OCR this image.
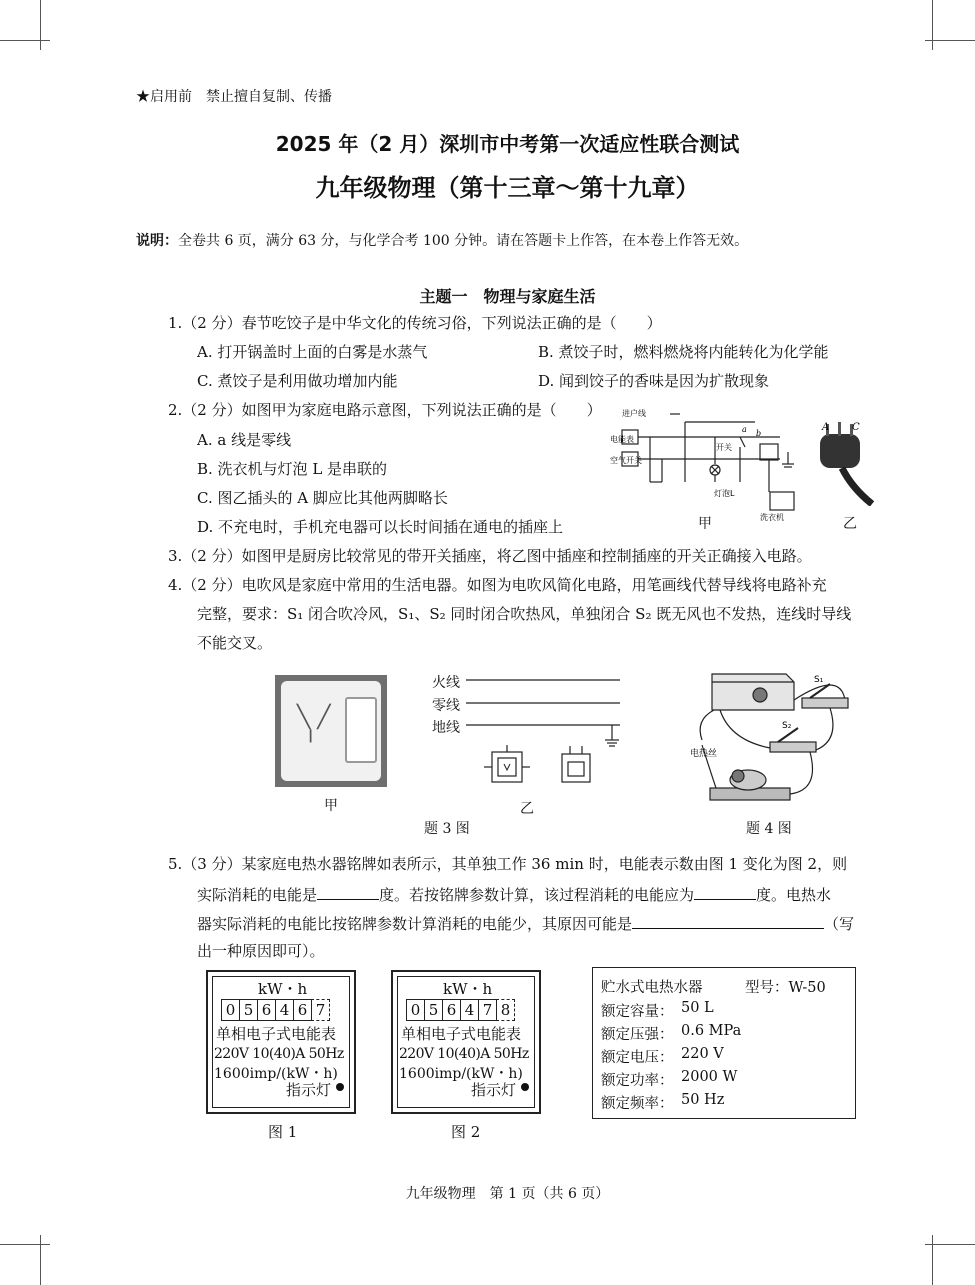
★启用前　禁止擅自复制、传播
2025 年（2 月）深圳市中考第一次适应性联合测试
九年级物理（第十三章～第十九章）
说明：全卷共 6 页，满分 63 分，与化学合考 100 分钟。请在答题卡上作答，在本卷上作答无效。
主题一　物理与家庭生活
1.（2 分）春节吃饺子是中华文化的传统习俗，下列说法正确的是（　　）
A. 打开锅盖时上面的白雾是水蒸气	B. 煮饺子时，燃料燃烧将内能转化为化学能
C. 煮饺子是利用做功增加内能	D. 闻到饺子的香味是因为扩散现象
2.（2 分）如图甲为家庭电路示意图，下列说法正确的是（　　）
A. a 线是零线
B. 洗衣机与灯泡 L 是串联的
C. 图乙插头的 A 脚应比其他两脚略长
D. 不充电时，手机充电器可以长时间插在通电的插座上
进户线
电能表
空气开关
开关
灯泡L
洗衣机
a b
A C
甲	乙
3.（2 分）如图甲是厨房比较常见的带开关插座，将乙图中插座和控制插座的开关正确接入电路。
4.（2 分）电吹风是家庭中常用的生活电器。如图为电吹风简化电路，用笔画线代替导线将电路补充
完整，要求：S₁ 闭合吹冷风，S₁、S₂ 同时闭合吹热风，单独闭合 S₂ 既无风也不发热，连线时导线
不能交叉。
╲ ╱
╵
甲
火线
零线
地线
乙
题 3 图
电热丝
S₁
S₂
题 4 图
5.（3 分）某家庭电热水器铭牌如表所示，其单独工作 36 min 时，电能表示数由图 1 变化为图 2，则
实际消耗的电能是	度。若按铭牌参数计算，该过程消耗的电能应为	度。电热水
器实际消耗的电能比按铭牌参数计算消耗的电能少，其原因可能是	（写
出一种原因即可）。
kW・h
0 5 6 4 6 7
单相电子式电能表
220V 10(40)A 50Hz
1600imp/(kW・h)
指示灯
图 1
kW・h
0 5 6 4 7 8
单相电子式电能表
220V 10(40)A 50Hz
1600imp/(kW・h)
指示灯
图 2
贮水式电热水器	型号：W-50
额定容量： 50 L
额定压强： 0.6 MPa
额定电压： 220 V
额定功率： 2000 W
额定频率： 50 Hz
九年级物理　第 1 页（共 6 页）
